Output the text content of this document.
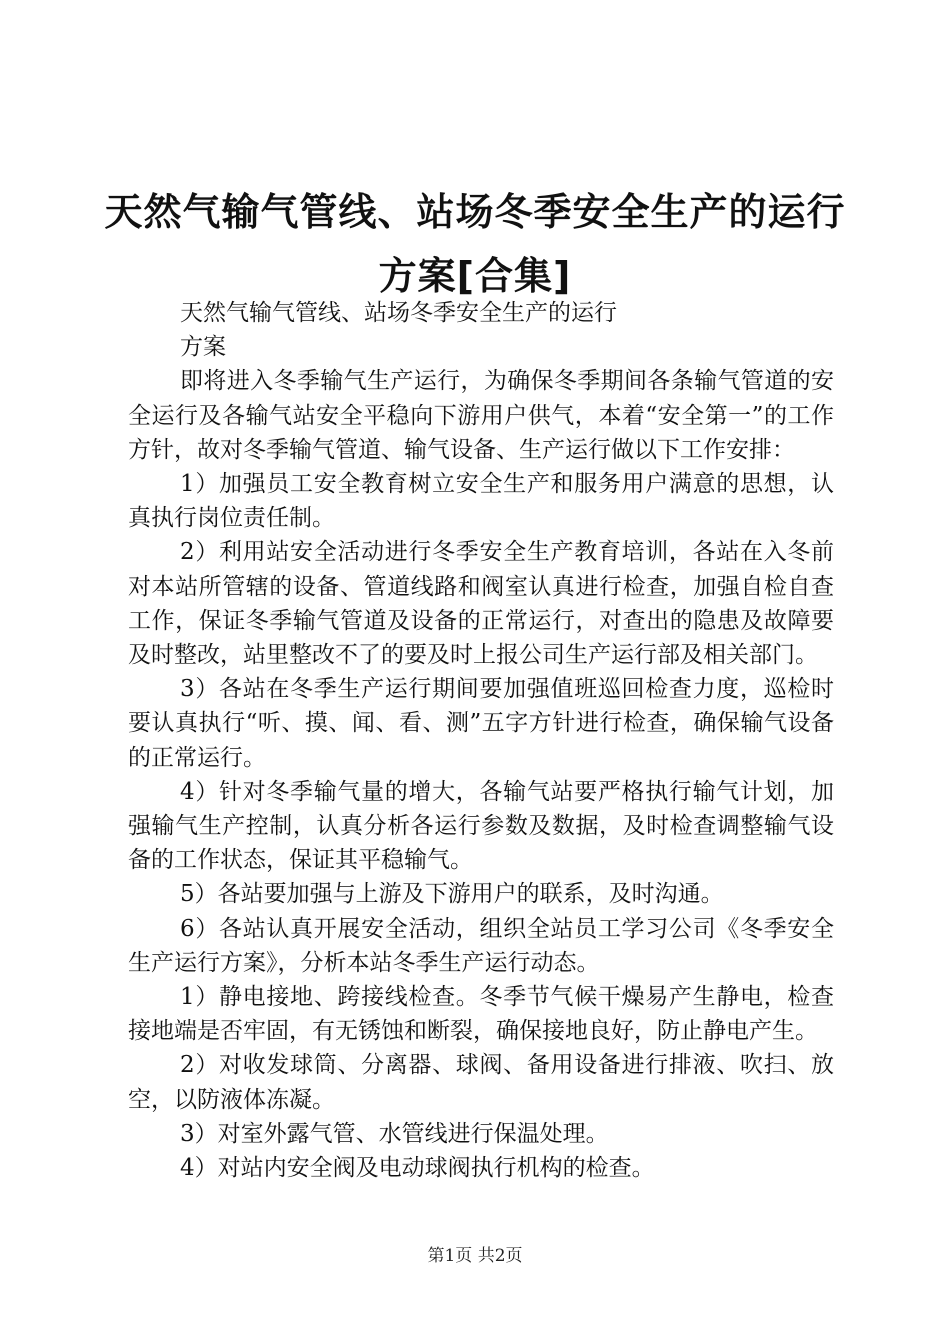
天然气输气管线、站场冬季安全生产的运行方案[合集]

天然气输气管线、站场冬季安全生产的运行

方案

即将进入冬季输气生产运行，为确保冬季期间各条输气管道的安全运行及各输气站安全平稳向下游用户供气，本着“安全第一”的工作方针，故对冬季输气管道、输气设备、生产运行做以下工作安排：

1）加强员工安全教育树立安全生产和服务用户满意的思想，认真执行岗位责任制。

2）利用站安全活动进行冬季安全生产教育培训，各站在入冬前对本站所管辖的设备、管道线路和阀室认真进行检查，加强自检自查工作，保证冬季输气管道及设备的正常运行，对查出的隐患及故障要及时整改，站里整改不了的要及时上报公司生产运行部及相关部门。

3）各站在冬季生产运行期间要加强值班巡回检查力度，巡检时要认真执行“听、摸、闻、看、测”五字方针进行检查，确保输气设备的正常运行。

4）针对冬季输气量的增大，各输气站要严格执行输气计划，加强输气生产控制，认真分析各运行参数及数据，及时检查调整输气设备的工作状态，保证其平稳输气。

5）各站要加强与上游及下游用户的联系，及时沟通。

6）各站认真开展安全活动，组织全站员工学习公司《冬季安全生产运行方案》，分析本站冬季生产运行动态。

1）静电接地、跨接线检查。冬季节气候干燥易产生静电，检查接地端是否牢固，有无锈蚀和断裂，确保接地良好，防止静电产生。

2）对收发球筒、分离器、球阀、备用设备进行排液、吹扫、放空，以防液体冻凝。

3）对室外露气管、水管线进行保温处理。

4）对站内安全阀及电动球阀执行机构的检查。

第1页 共2页
